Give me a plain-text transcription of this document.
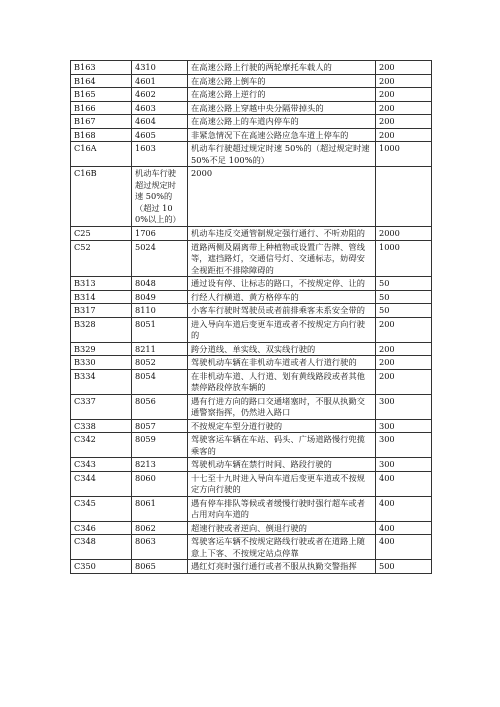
B163	4310	在高速公路上行驶的两轮摩托车载人的	200
B164	4601	在高速公路上倒车的	200
B165	4602	在高速公路上逆行的	200
B166	4603	在高速公路上穿越中央分隔带掉头的	200
B167	4604	在高速公路上的车道内停车的	200
B168	4605	非紧急情况下在高速公路应急车道上停车的	200
C16A	1603	机动车行驶超过规定时速 50%的（超过规定时速 50%不足 100%的）	1000
C16B	机动车行驶超过规定时速 50%的（超过 100%以上的）	2000	
C25	1706	机动车违反交通管制规定强行通行、不听劝阻的	2000
C52	5024	道路两侧及隔离带上种植物或设置广告牌、管线等，遮挡路灯，交通信号灯、交通标志，妨碍安全视距拒不排除障碍的	1000
B313	8048	通过设有停、让标志的路口，不按规定停、让的	50
B314	8049	行经人行横道、黄方格停车的	50
B317	8110	小客车行驶时驾驶员或者前排乘客未系安全带的	50
B328	8051	进入导向车道后变更车道或者不按规定方向行驶的	200
B329	8211	跨分道线、单实线、双实线行驶的	200
B330	8052	驾驶机动车辆在非机动车道或者人行道行驶的	200
B334	8054	在非机动车道、人行道、划有黄线路段或者其他禁停路段停放车辆的	200
C337	8056	遇有行进方向的路口交通堵塞时，不服从执勤交通警察指挥，仍然进入路口	300
C338	8057	不按规定车型分道行驶的	300
C342	8059	驾驶客运车辆在车站、码头、广场道路慢行兜揽乘客的	300
C343	8213	驾驶机动车辆在禁行时间、路段行驶的	300
C344	8060	十七至十九时进入导向车道后变更车道或不按规定方向行驶的	400
C345	8061	遇有停车排队等候或者缓慢行驶时强行超车或者占用对向车道的	400
C346	8062	超速行驶或者逆向、倒退行驶的	400
C348	8063	驾驶客运车辆不按规定路线行驶或者在道路上随意上下客、不按规定站点停靠	400
C350	8065	遇红灯亮时强行通行或者不服从执勤交警指挥	500
